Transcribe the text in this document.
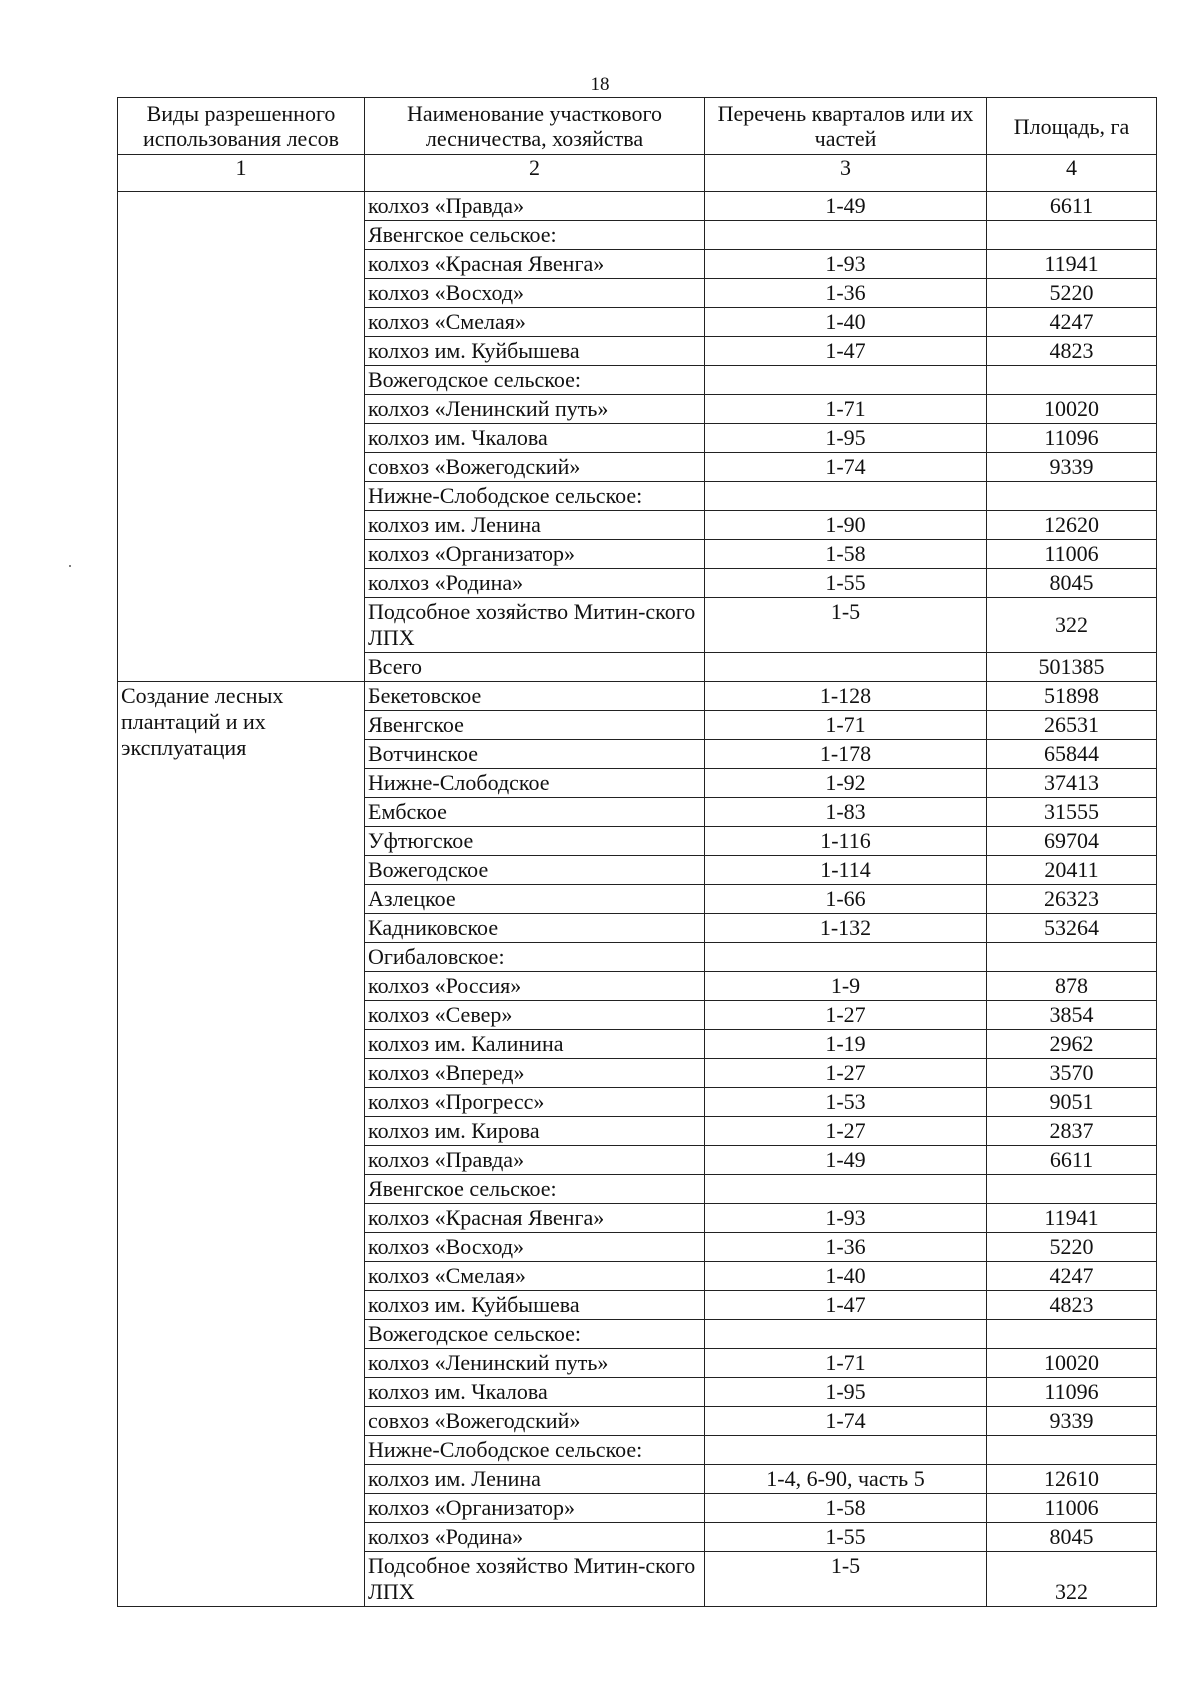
18
Виды разрешенного использования лесов	Наименование участкового лесничества, хозяйства	Перечень кварталов или их частей	Площадь, га
1	2	3	4
	колхоз «Правда»	1-49	6611
	Явенгское сельское:		
	колхоз «Красная Явенга»	1-93	11941
	колхоз «Восход»	1-36	5220
	колхоз «Смелая»	1-40	4247
	колхоз им. Куйбышева	1-47	4823
	Вожегодское сельское:		
	колхоз «Ленинский путь»	1-71	10020
	колхоз им. Чкалова	1-95	11096
	совхоз «Вожегодский»	1-74	9339
	Нижне-Слободское сельское:		
	колхоз им. Ленина	1-90	12620
	колхоз «Организатор»	1-58	11006
	колхоз «Родина»	1-55	8045
	Подсобное хозяйство Митин-ского ЛПХ	1-5	322
	Всего		501385
Создание лесных плантаций и их эксплуатация	Бекетовское	1-128	51898
	Явенгское	1-71	26531
	Вотчинское	1-178	65844
	Нижне-Слободское	1-92	37413
	Ембское	1-83	31555
	Уфтюгское	1-116	69704
	Вожегодское	1-114	20411
	Азлецкое	1-66	26323
	Кадниковское	1-132	53264
	Огибаловское:		
	колхоз «Россия»	1-9	878
	колхоз «Север»	1-27	3854
	колхоз им. Калинина	1-19	2962
	колхоз «Вперед»	1-27	3570
	колхоз «Прогресс»	1-53	9051
	колхоз им. Кирова	1-27	2837
	колхоз «Правда»	1-49	6611
	Явенгское сельское:		
	колхоз «Красная Явенга»	1-93	11941
	колхоз «Восход»	1-36	5220
	колхоз «Смелая»	1-40	4247
	колхоз им. Куйбышева	1-47	4823
	Вожегодское сельское:		
	колхоз «Ленинский путь»	1-71	10020
	колхоз им. Чкалова	1-95	11096
	совхоз «Вожегодский»	1-74	9339
	Нижне-Слободское сельское:		
	колхоз им. Ленина	1-4, 6-90, часть 5	12610
	колхоз «Организатор»	1-58	11006
	колхоз «Родина»	1-55	8045
	Подсобное хозяйство Митин-ского ЛПХ	1-5	322
